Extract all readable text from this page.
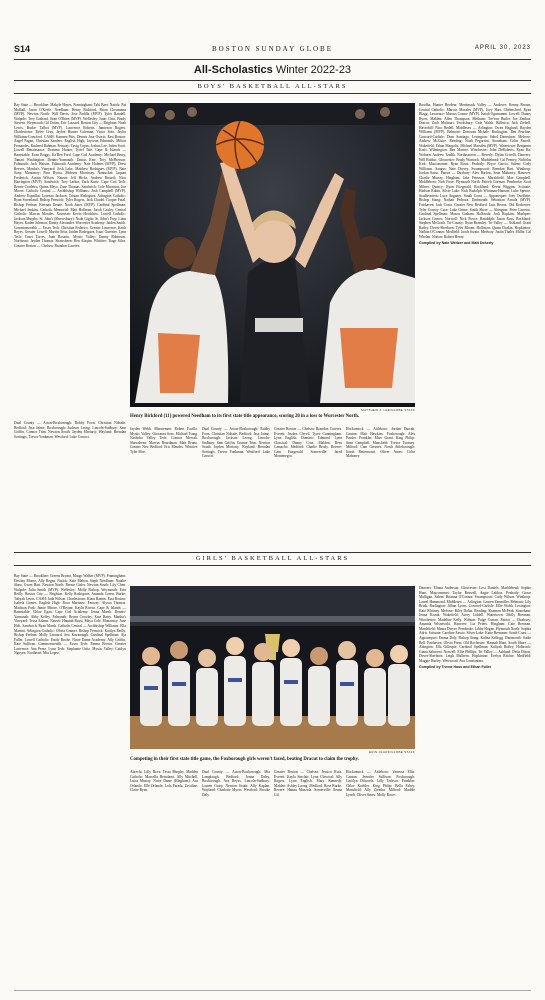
S14	BOSTON SUNDAY GLOBE	APRIL 30, 2023
All-Scholastics Winter 2022-23
BOYS' BASKETBALL ALL-STARS

Bay State — Brookline: Makyle Hayes, Framingham: Tahi Baer. Natick: Pat Mulhall, Jason O'Keefe. Needham: Henry Bickford, Brian Clossmann (MVP). Newton North: Will Davis, Jose Padilla (MVP). Tyler Randall. Walpole: Trey Gothard, Sean O'Brien (MVP). Wellesley: Isaac Chiu, Brady Stevens. Weymouth: Gil Dolan, Eric Lussard. Boston City — Brighton: Noah Lewis. Burke: Talbot (MVP). Lawrence Roberts. Jamieson Rogers. Charlestown: Rylee Gray, Jaylen Hunter Coleman, Victor Soto, Jaylin Williams-Crawford. CASH: Kamren Pitts, Dennis Jose Osorio. East Boston: Angel Pagan, Christian Sanders. English High: Jayceon Edmonds, Milton Fernandes. Rasheed Rahman. Fenway: Tavig Copes, Joshua Lee, Jaden Scott. Lowell Renaissance: Dominic Hunter, Tyriel Tate. Cape & Islands — Barnstable: Evan Briggs, Ka'Ben Ford. Cape Cod Academy: Michael Berry, Tamari Washington. Dennis-Yarmouth: Darius Kerr, Troy McPherson. Falmouth: Jack Watson. Falmouth Academy: Nate Holmes (MVP). Drew Reeves. Martha's Vineyard: Josh Lake, Matthew Rodrigues (MVP). Nate Sony. Monomoy: Finn Hyora, Mohsen Morrissey. Nantucket: Jaquan Frederick, Austin Wilson. Nauset: Jeff Hicks, Andrew Berardi, Nico Harrington (MVP). Sandwich: Trey Larkin, Zach Kurtz. Cape Cod Tech: Bernie Cordeiro, Quinn Mayo, Zane Thomas. Sandwich: Cole Morrison, Jon Moore. Catholic Central — Archbishop Williams: Josh Campbell (MVP). Andrew Espaillat, Lorenzo Jackson, Tristan Rodriguez. Arlington Catholic: Ryan Sweetland, Bishop Fenwick: Tyler Rogers, Jack Chadel. Cooper Fatal. Bishop Feehan: Kiernan Deane, Noah Jones (MVP). Cardinal Spellman: Michael Jenkins. Catholic Memorial: Matt Halloran, Jacob Cauley. Central Catholic: Marcus Morales. Xaverian: Kevin Hotchkiss. Lowell Catholic: Jackson Murphy. St. John's (Shrewsbury): Noah Giglio. St. John's Prep: Liam Hayes, Kaden Johnson, Danny Alexander. Worcester Academy: Jaiden Smith. Commonwealth — Essex Tech: Christian Federico. Greater Lawrence: Keith Reyes. Greater Lowell: Martin Ortiz, Jaiden Rodriguez, Isaac Guerrier. Lynn Tech: Tonei Torres, Juan Rosario. Mystic Valley: Danny Robinson. Northeast: Jayden Thomas. Shawsheen: Ben Alaqim. Whittier: Tiago Silva. Greater Boston — Chelsea: Brandon Caceres.

MATTHEW J. LEE/GLOBE STAFF

Boudha, Hunter Brodeur. Merrimack Valley — Andover: Kenny Brown, Central Catholic: Marcus Morales (MVP), Joey Hart. Chelmsford: Ryan Blagg. Lawrence: Marcus Cosme (MVP). Isaiah Ogunsanmi. Lowell: Danny Byers. Malden: Allen Thompson. Methuen: Tre'von Butler, Joe Zenkus. Dracut: Zach Molinari. Tewksbury: Cole Walsh. Billerica: Jack Ziebell. Haverhill: Nico Bedell. Middlesex — Arlington: Owen Haglund, Rayden Williams (MVP). Belmont: Donovan Mchale. Burlington: Ben Pearline. Concord-Carlisle: Dom Santiago. Lexington: Sahel Daneshvar. Melrose: Andrew McGuire. Reading: Noah Pegorrini. Stoneham: Colin Farrell. Wakefield: Ethan Margolis, Michael Marsden (MVP). Watertown: Benjamin Kraft. Wilmington: Ben Marino. Winchester: John DeRoberts, Ryan Ha. Woburn: Andrew Tzadik. Northeastern — Beverly: Dylan Crivelli. Danvers: Will Bolduc. Gloucester: Brady Warnock. Marblehead: Cal Feeney, Nicholas Kirk. Masconomet: Ryan Rossi. Peabody: Bryce Garcia. Salem: Cody Williams. Saugus: Nate Dorsey. Swampscott: Brendan Hart. Winthrop: Jordan Sasso. Patriot — Duxbury: Alex Barlow, Sean Mahoney. Hanover: Charlie Murray. Hingham: Jake Peterson. Marshfield: Max Campbell. Middleboro: Nick Fiore. Plymouth North: Patrick Gorman. Pembroke: Scott Milner. Quincy: Ryan Fitzgerald. Rockland: Kevin Wiggins. Scituate: Hudson Rubin. Silver Lake: Nick Rudolph. Whitman-Hanson: Luke Spence. Southeastern: Luca Anganes. South Coast — Apponequet: Joey Ouellette. Bishop Stang: Nathan Pedroza. Dartmouth: Sebastian Arruda (MVP). Fairhaven: Jack Costa. Greater New Bedford: Luis Rivera. Old Rochester: Tyler Conroy. Case: Luke Grime. South Shore — Abington: Peter Carreiro. Cardinal Spellman: Mason Graham. Holbrook: Josh Hopkins. Mashpee: Jackson Graves. Norwell: Nick Pierce. Randolph: Jason Ross. Rockland: Stephen McGrath. Tri-County: Ryan Bramley. Tri-Valley — Ashland: Grant Bailey. Dover-Sherborn: Tyler Bloom. Holliston: Quinn Durkin. Hopkinton: Nathan O'Connor. Medfield: Jacob Swain. Medway: Justin Thaler. Millis: Cal Whelan. Norton: Robert Henry.

Compiled by Nate Weitzer and Matt Doherty
Henry Bickford (11) powered Needham to its first state title appearance, scoring 20 in a loss to Worcester North.
Jayden Webb. Minutemen: Robert Fucillo. Mystic Valley: Giovanni Soto, Michael Tsang. Nashoba Valley Tech: Connor Mercali. Shawsheen: Marcus Boardman, Matt Bruno. Greater New Bedford: Eric Mendes. Whittier: Tyler Moe.
Dual County — Acton-Boxborough: Robby Foon, Christian Ndisale. Bedford: Jasa Jaime. Boxborough: Jackson Leong. Lincoln-Sudbury: Sam Griffin, Connor Trim. Newton South: Jayden Moriarty. Wayland: Brendan Sortiagis, Trevor Yonkman. Westford: Luke Carucci.
Greater Boston — Chelsea: Brandon Caceres. Everett: Jayden Clervil, Tyree Cunningham. Lynn English: Dominic Edmond. Lynn Classical: Danny Cruz. Malden: Bens Camacho. Medford: Charlie Brody. Revere: Cam Fitzgerald. Somerville: Jared Montenegro.
Hockomock — Attleboro: Jordan Durrah. Canton: Matt Hawkins. Foxborough: Alex Fassler. Franklin: Marc Grant. King Philip: Sean Campbell. Mansfield: Trevor Toomey. Milford: Cam Greaves. North Attleborough: Jonah Bettencourt. Oliver Ames: Colin Mahoney.

Dual County — Acton-Boxborough: Robby Foon, Christian Ndisale. Bedford: Jasa Jaime. Boxborough: Jackson Leong. Lincoln-Sudbury: Sam Griffin, Connor Trim. Newton South: Jayden Moriarty. Wayland: Brendan Sortiagis, Trevor Yonkman. Westford: Luke Carucci.

GIRLS' BASKETBALL ALL-STARS

Bay State — Brookline: Greens Bryant, Margo Walker (MVP). Framingham: Destiny Moore, Ally Regan. Natick: Kate Mahon. Steph Needham: Natalie Shaw, Gwen Hart. Newton North: Bernie Gisler. Newton South: Lily Chen. Walpole: Julia Smith (MVP). Wellesley: Molly Bishop. Weymouth: Erin Reilly. Boston City — Brighton: Kelly Rodriguez, Amanda Green. Burke: Taliyah Lewis. CASH: Jada Wilson. Charlestown: Kiara Ramos. East Boston: Isabela Gomes. English High: Rosa Martinez. Fenway: Alyssa Thomas. Madison Park: Jamie Moore. O'Bryant: Kayla Rivera. Cape & Islands — Barnstable: Chloe Egan. Cape Cod Academy: Jenna Marsh. Dennis-Yarmouth: Abby Kelley. Falmouth: Brynn Crowley, Kate Barry. Martha's Vineyard: Tessa Adams. Nauset: Hannah Rossi, Maya Cole. Monomoy: Jane Holt. Sandwich: Ryan Marsh. Catholic Central — Archbishop Williams: Ella Martini. Arlington Catholic: Olivia Cramer. Bishop Fenwick: Kaitlyn Reilly. Bishop Feehan: Molly Leonard, Jess Kavanaugh. Cardinal Spellman: Aja Fuller. Lowell Catholic: Emily Roche. Notre Dame Academy: Ally Griffin, Kate Sullivan. Commonwealth — Essex Tech: Emma Brown. Greater Lawrence: Ana Perez. Lynn Tech: Stephanie Ortiz. Mystic Valley: Caitlyn Nguyen. Northeast: Mia Lopez.

ERIN CLARK/GLOBE STAFF

Danvers: Eliana Anderson. Gloucester: Lexi Daniels. Marblehead: Sophie Hunt. Masconomet: Taylor Bruwell, Angie Lalikos. Peabody: Grace Mulligan. Salem: Brianna O'Connor. Swampscott: Carly Wilson. Winthrop: Laurel Hammond. Middlesex — Arlington: Lauren Zanmiller. Belmont: Lily Brink. Burlington: Jillian Lyons. Concord-Carlisle: Ellie Walsh. Lexington: Kate Whitney. Melrose: Riley Dolan. Reading: Shannon McPeak. Stoneham: Jenna Kozak. Wakefield: Avery Liddell. Watertown: Molly Brennan. Winchester: Madeline Kelly. Woburn: Paige Curran. Patriot — Duxbury: Amanda Wisnewski. Hanover: Lia Peters. Hingham: Cate Brennan. Marshfield: Maura Dwyer. Pembroke: Libby Hogan. Plymouth North: Sophia Adris. Scituate: Caroline Fassio. Silver Lake: Katie Bremmer. South Coast — Apponequet: Emma Daly. Bishop Stang: Kalina Kellogg. Dartmouth: Sadie Bell. Fairhaven: Olivia Prem. Old Rochester: Hannah Hunt. South Shore — Abington: Ella Gillespie. Cardinal Spellman: Kaliyah Ridley. Holbrook: Giana Sabaceni. Norwell: Ellie Phillips. Tri-Valley — Ashland: Delia Dixon. Dover-Sherborn: Leigh Mulhern. Hopkinton: Evelyn Ritchie. Medfield: Maggie Hurley. Westwood: Ava Constantino.

Compiled by Trevor Hass and Ethan Fuller
Competing in their first state title game, the Foxborough girls weren't fazed, beating Dracut to claim the trophy.
Abrecht, Lilly Bova. Tessa Murphy. Madden Catholic: Marcella Bertolami. Ally Mitchell, Luisa Murray. Notre Dame (Hingham): Ava Orlando. Elle Orlando. Lola Parada. Ursuline: Claire Ryan.
Dual County — Acton-Boxborough: Mia Lamplough. Bedford: Jenna Daley. Boxborough: Ava Reyes. Lincoln-Sudbury: Lauren Guiry. Newton South: Ally Kaplan. Wayland: Charlotte Myers. Westford: Brooke Daly.
Greater Boston — Chelsea: Jessica Ruiz. Everett: Kayla Sinclair. Lynn Classical: Ally Rogers. Lynn English: Mary Kennedy. Malden: Ashley Luong. Medford: Rose Burke. Revere: Hanna Mazzola. Somerville: Ileana Gil.
Hockomock — Attleboro: Vanessa Ellis. Canton: Jennifer Sullivan. Foxborough: Carolyn Dilworth, Lilly Tedesco. Franklin: Chloe Koehler. King Philip: Bella Fahey. Mansfield: Ally Ziemba. Milford: Maddie Lynch. Oliver Ames: Molly Rowe.
